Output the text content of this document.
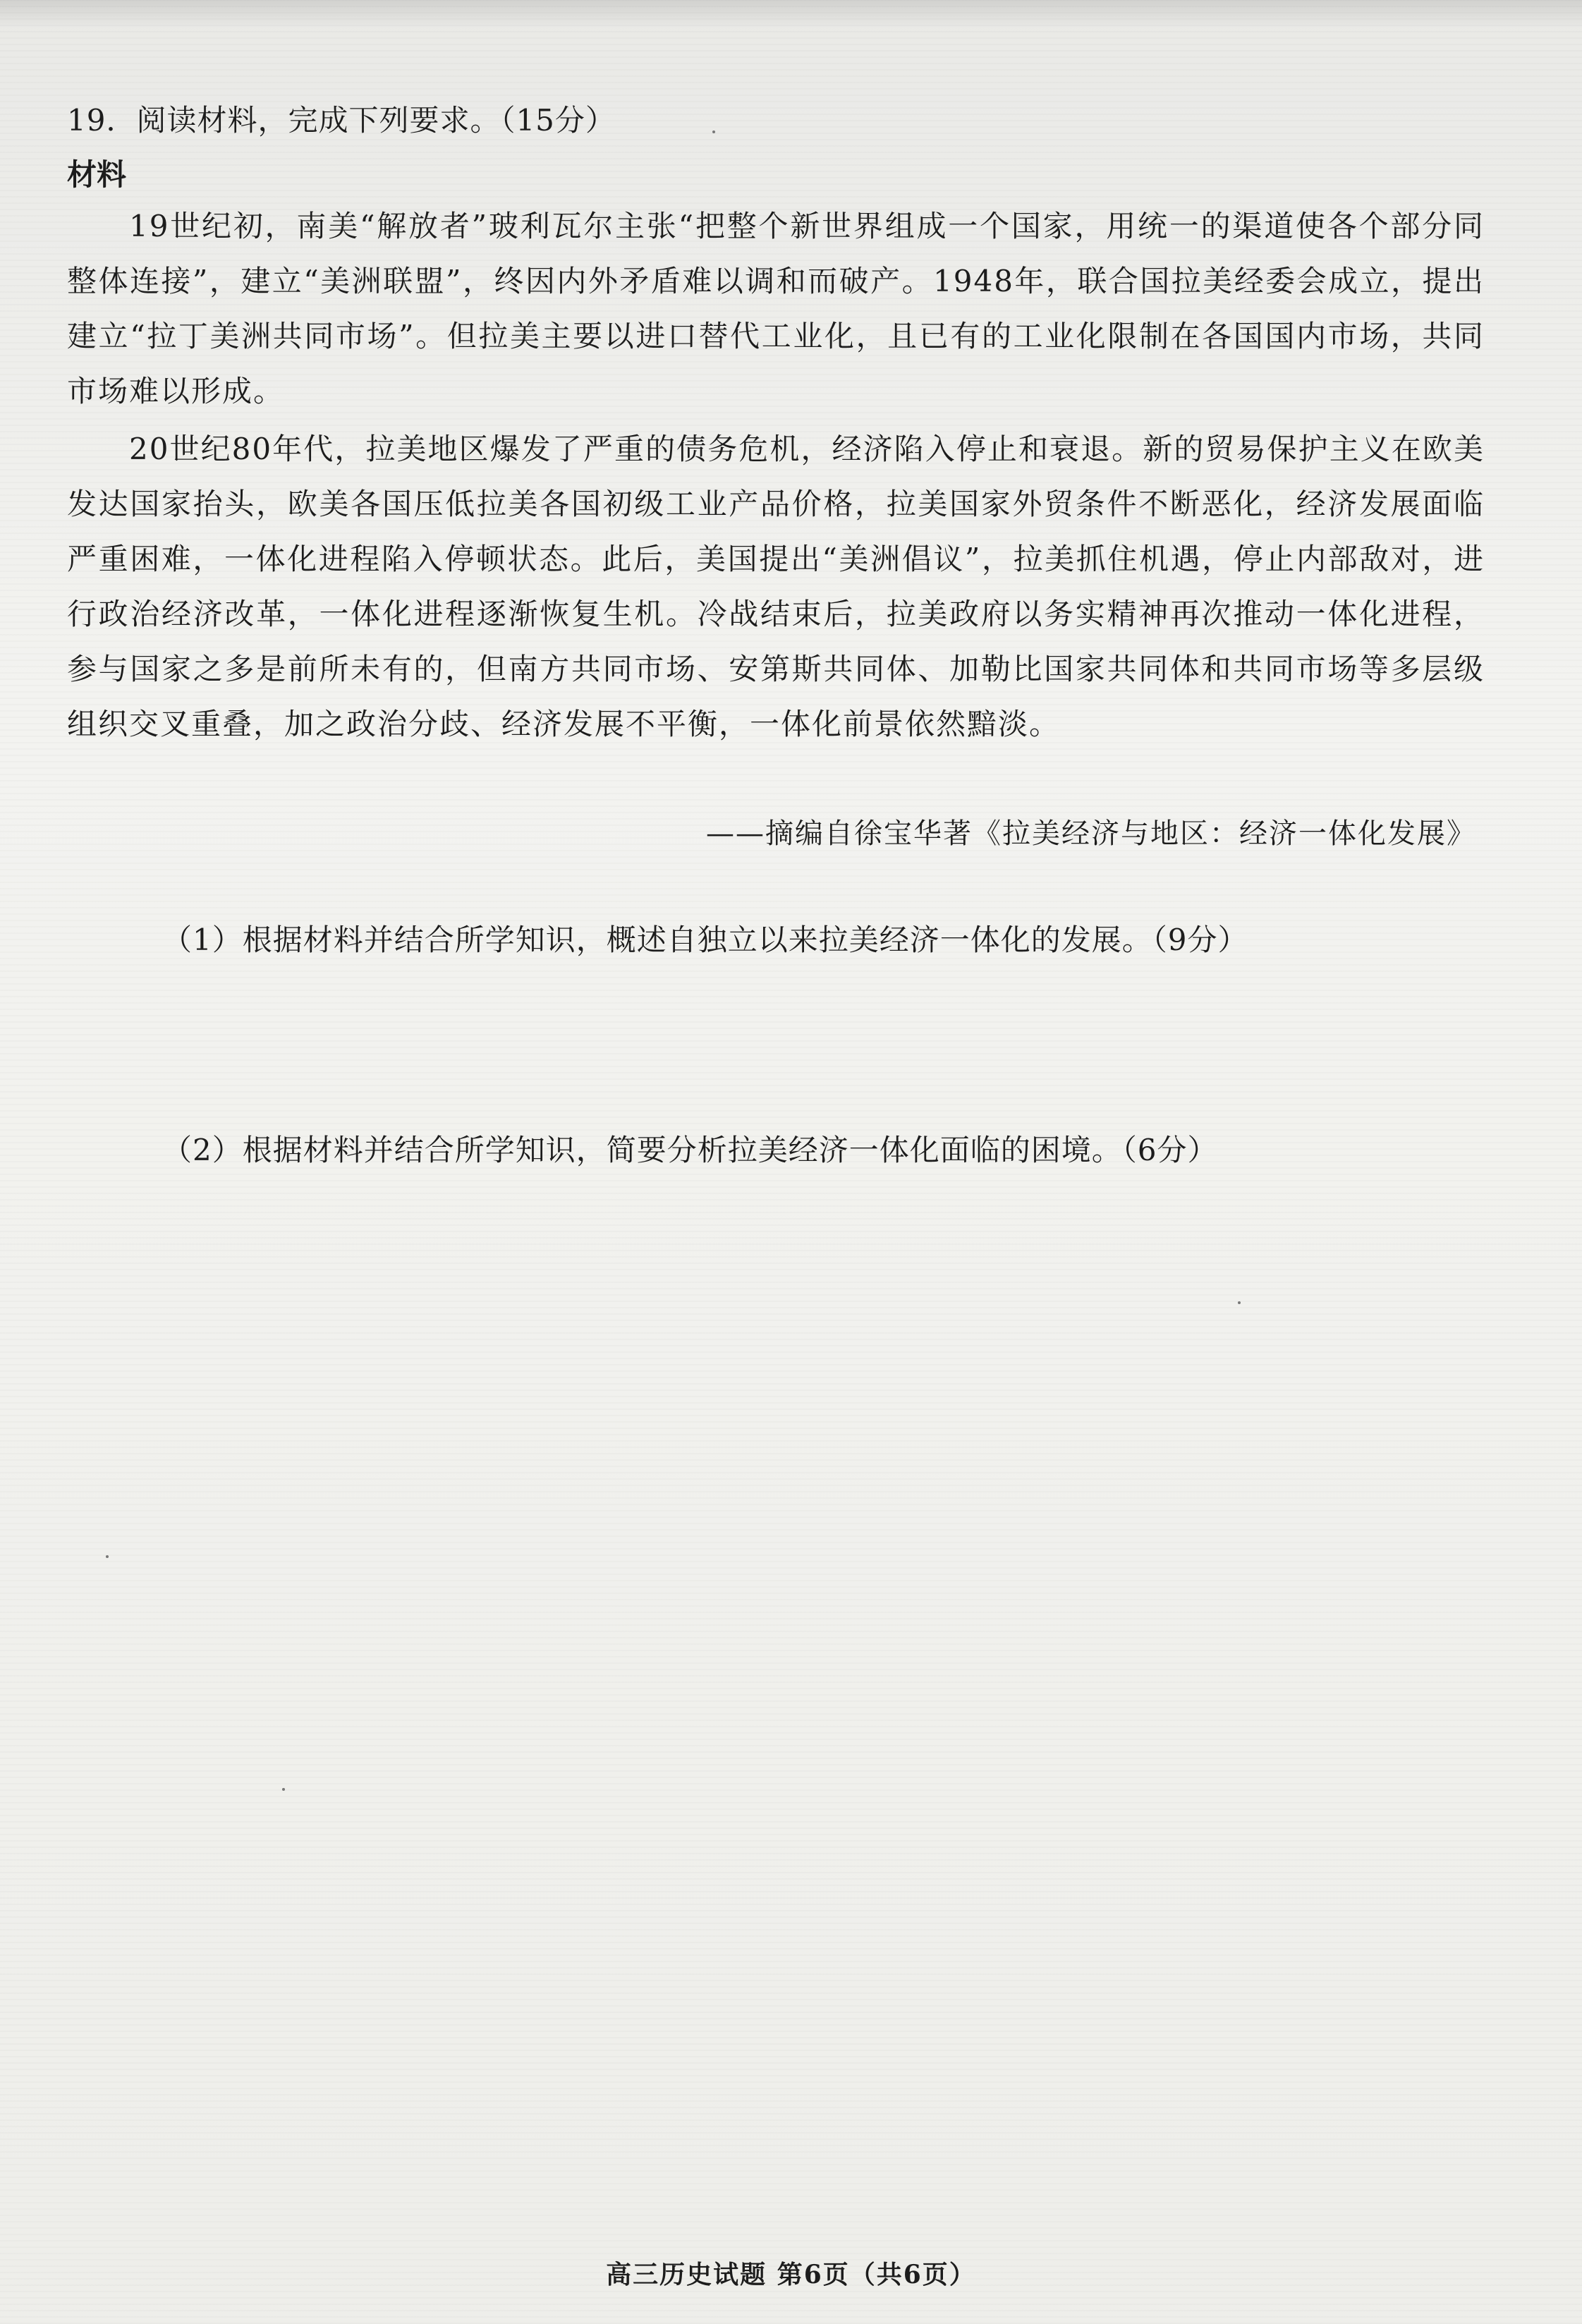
19．阅读材料，完成下列要求。（15分）
材料

19世纪初，南美“解放者”玻利瓦尔主张“把整个新世界组成一个国家，用统一的渠道使各个部分同整体连接”，建立“美洲联盟”，终因内外矛盾难以调和而破产。1948年，联合国拉美经委会成立，提出建立“拉丁美洲共同市场”。但拉美主要以进口替代工业化，且已有的工业化限制在各国国内市场，共同市场难以形成。

20世纪80年代，拉美地区爆发了严重的债务危机，经济陷入停止和衰退。新的贸易保护主义在欧美发达国家抬头，欧美各国压低拉美各国初级工业产品价格，拉美国家外贸条件不断恶化，经济发展面临严重困难，一体化进程陷入停顿状态。此后，美国提出“美洲倡议”，拉美抓住机遇，停止内部敌对，进行政治经济改革，一体化进程逐渐恢复生机。冷战结束后，拉美政府以务实精神再次推动一体化进程，参与国家之多是前所未有的，但南方共同市场、安第斯共同体、加勒比国家共同体和共同市场等多层级组织交叉重叠，加之政治分歧、经济发展不平衡，一体化前景依然黯淡。

——摘编自徐宝华著《拉美经济与地区：经济一体化发展》
（1）根据材料并结合所学知识，概述自独立以来拉美经济一体化的发展。（9分）
（2）根据材料并结合所学知识，简要分析拉美经济一体化面临的困境。（6分）
高三历史试题 第6页（共6页）
